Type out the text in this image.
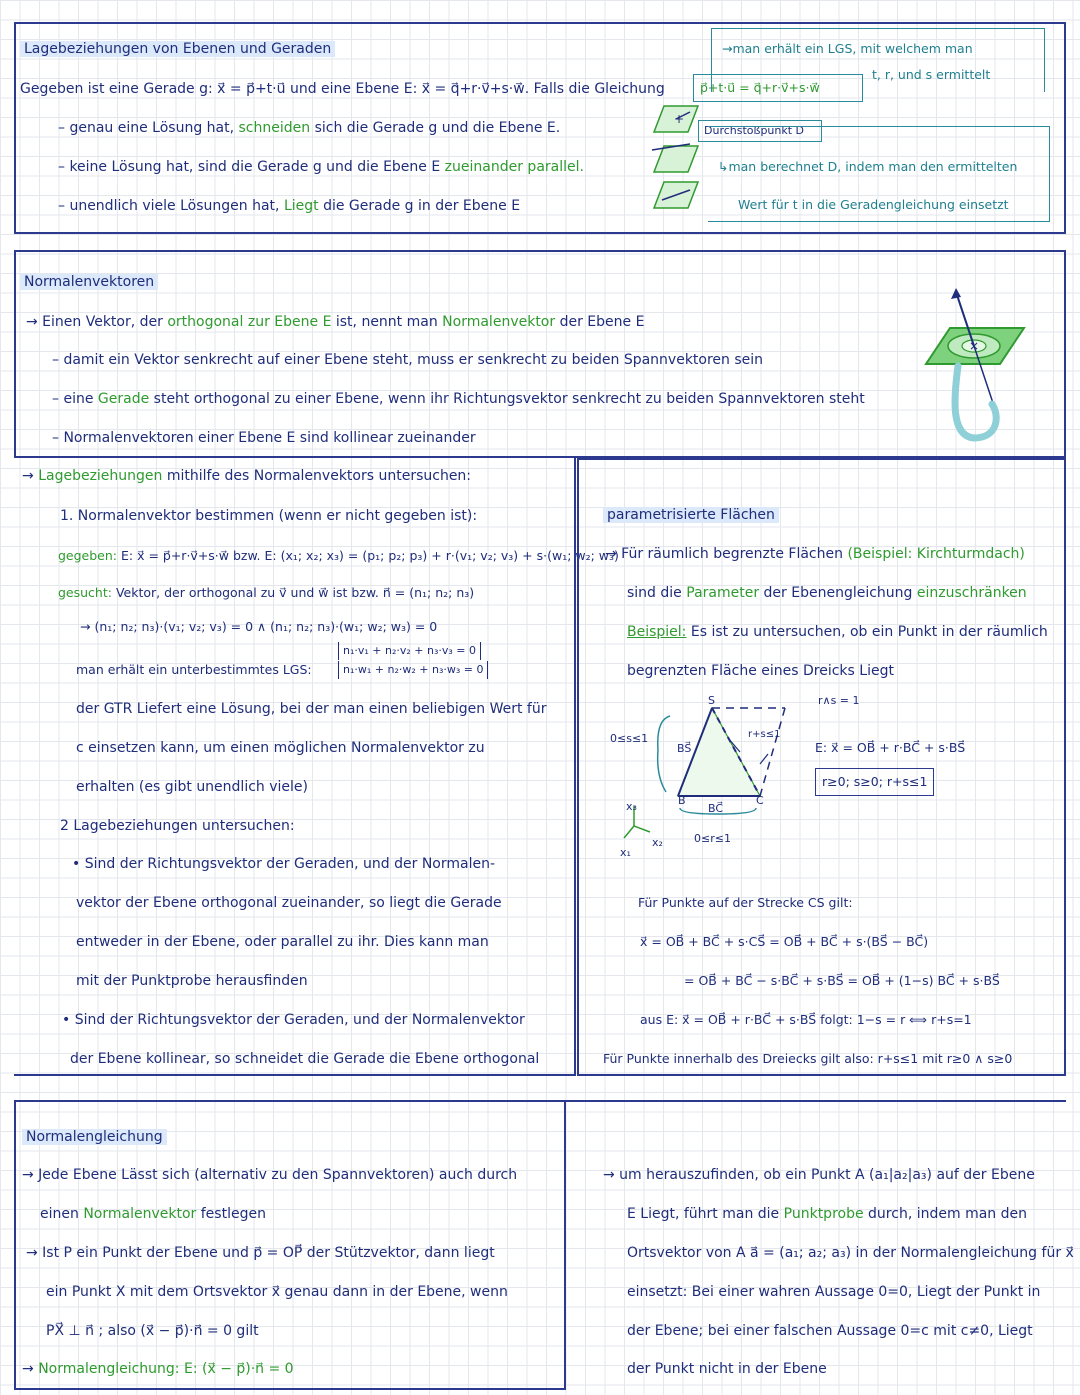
Lagebeziehungen von Ebenen und Geraden
Gegeben ist eine Gerade g: x⃗ = p⃗+t·u⃗ und eine Ebene E: x⃗ = q⃗+r·v⃗+s·w⃗. Falls die Gleichung
– genau eine Lösung hat, schneiden sich die Gerade g und die Ebene E.
– keine Lösung hat, sind die Gerade g und die Ebene E zueinander parallel.
– unendlich viele Lösungen hat, Liegt die Gerade g in der Ebene E
p⃗+t·u⃗ = q⃗+r·v⃗+s·w⃗
→man erhält ein LGS, mit welchem man
t, r, und s ermittelt
Durchstoßpunkt D
↳man berechnet D, indem man den ermittelten
Wert für t in die Geradengleichung einsetzt
+
Normalenvektoren
→ Einen Vektor, der orthogonal zur Ebene E ist, nennt man Normalenvektor der Ebene E
– damit ein Vektor senkrecht auf einer Ebene steht, muss er senkrecht zu beiden Spannvektoren sein
– eine Gerade steht orthogonal zu einer Ebene, wenn ihr Richtungsvektor senkrecht zu beiden Spannvektoren steht
– Normalenvektoren einer Ebene E sind kollinear zueinander
×
→ Lagebeziehungen mithilfe des Normalenvektors untersuchen:
1. Normalenvektor bestimmen (wenn er nicht gegeben ist):
gegeben: E: x⃗ = p⃗+r·v⃗+s·w⃗ bzw. E: (x₁; x₂; x₃) = (p₁; p₂; p₃) + r·(v₁; v₂; v₃) + s·(w₁; w₂; w₃)
gesucht: Vektor, der orthogonal zu v⃗ und w⃗ ist bzw. n⃗ = (n₁; n₂; n₃)
→ (n₁; n₂; n₃)·(v₁; v₂; v₃) = 0 ∧ (n₁; n₂; n₃)·(w₁; w₂; w₃) = 0
man erhält ein unterbestimmtes LGS:
n₁·v₁ + n₂·v₂ + n₃·v₃ = 0
n₁·w₁ + n₂·w₂ + n₃·w₃ = 0
der GTR Liefert eine Lösung, bei der man einen beliebigen Wert für
c einsetzen kann, um einen möglichen Normalenvektor zu
erhalten (es gibt unendlich viele)
2 Lagebeziehungen untersuchen:
• Sind der Richtungsvektor der Geraden, und der Normalen-
vektor der Ebene orthogonal zueinander, so liegt die Gerade
entweder in der Ebene, oder parallel zu ihr. Dies kann man
mit der Punktprobe herausfinden
• Sind der Richtungsvektor der Geraden, und der Normalenvektor
der Ebene kollinear, so schneidet die Gerade die Ebene orthogonal
parametrisierte Flächen
→ Für räumlich begrenzte Flächen (Beispiel: Kirchturmdach)
sind die Parameter der Ebenengleichung einzuschränken
Beispiel: Es ist zu untersuchen, ob ein Punkt in der räumlich
begrenzten Fläche eines Dreicks Liegt
S
B	C
BS⃗
BC⃗
0≤s≤1
0≤r≤1
r+s≤1
r∧s = 1
x₃
x₂
x₁
E: x⃗ = OB⃗ + r·BC⃗ + s·BS⃗
r≥0; s≥0; r+s≤1
Für Punkte auf der Strecke CS gilt:
x⃗ = OB⃗ + BC⃗ + s·CS⃗ = OB⃗ + BC⃗ + s·(BS⃗ − BC⃗)
= OB⃗ + BC⃗ − s·BC⃗ + s·BS⃗ = OB⃗ + (1−s) BC⃗ + s·BS⃗
aus E: x⃗ = OB⃗ + r·BC⃗ + s·BS⃗ folgt: 1−s = r ⟺ r+s=1
Für Punkte innerhalb des Dreiecks gilt also: r+s≤1 mit r≥0 ∧ s≥0
Normalengleichung
→ Jede Ebene Lässt sich (alternativ zu den Spannvektoren) auch durch
einen Normalenvektor festlegen
→ Ist P ein Punkt der Ebene und p⃗ = OP⃗ der Stützvektor, dann liegt
ein Punkt X mit dem Ortsvektor x⃗ genau dann in der Ebene, wenn
PX⃗ ⊥ n⃗ ; also (x⃗ − p⃗)·n⃗ = 0 gilt
→ Normalengleichung: E: (x⃗ − p⃗)·n⃗ = 0
→ um herauszufinden, ob ein Punkt A (a₁|a₂|a₃) auf der Ebene
E Liegt, führt man die Punktprobe durch, indem man den
Ortsvektor von A a⃗ = (a₁; a₂; a₃) in der Normalengleichung für x⃗
einsetzt: Bei einer wahren Aussage 0=0, Liegt der Punkt in
der Ebene; bei einer falschen Aussage 0=c mit c≠0, Liegt
der Punkt nicht in der Ebene
